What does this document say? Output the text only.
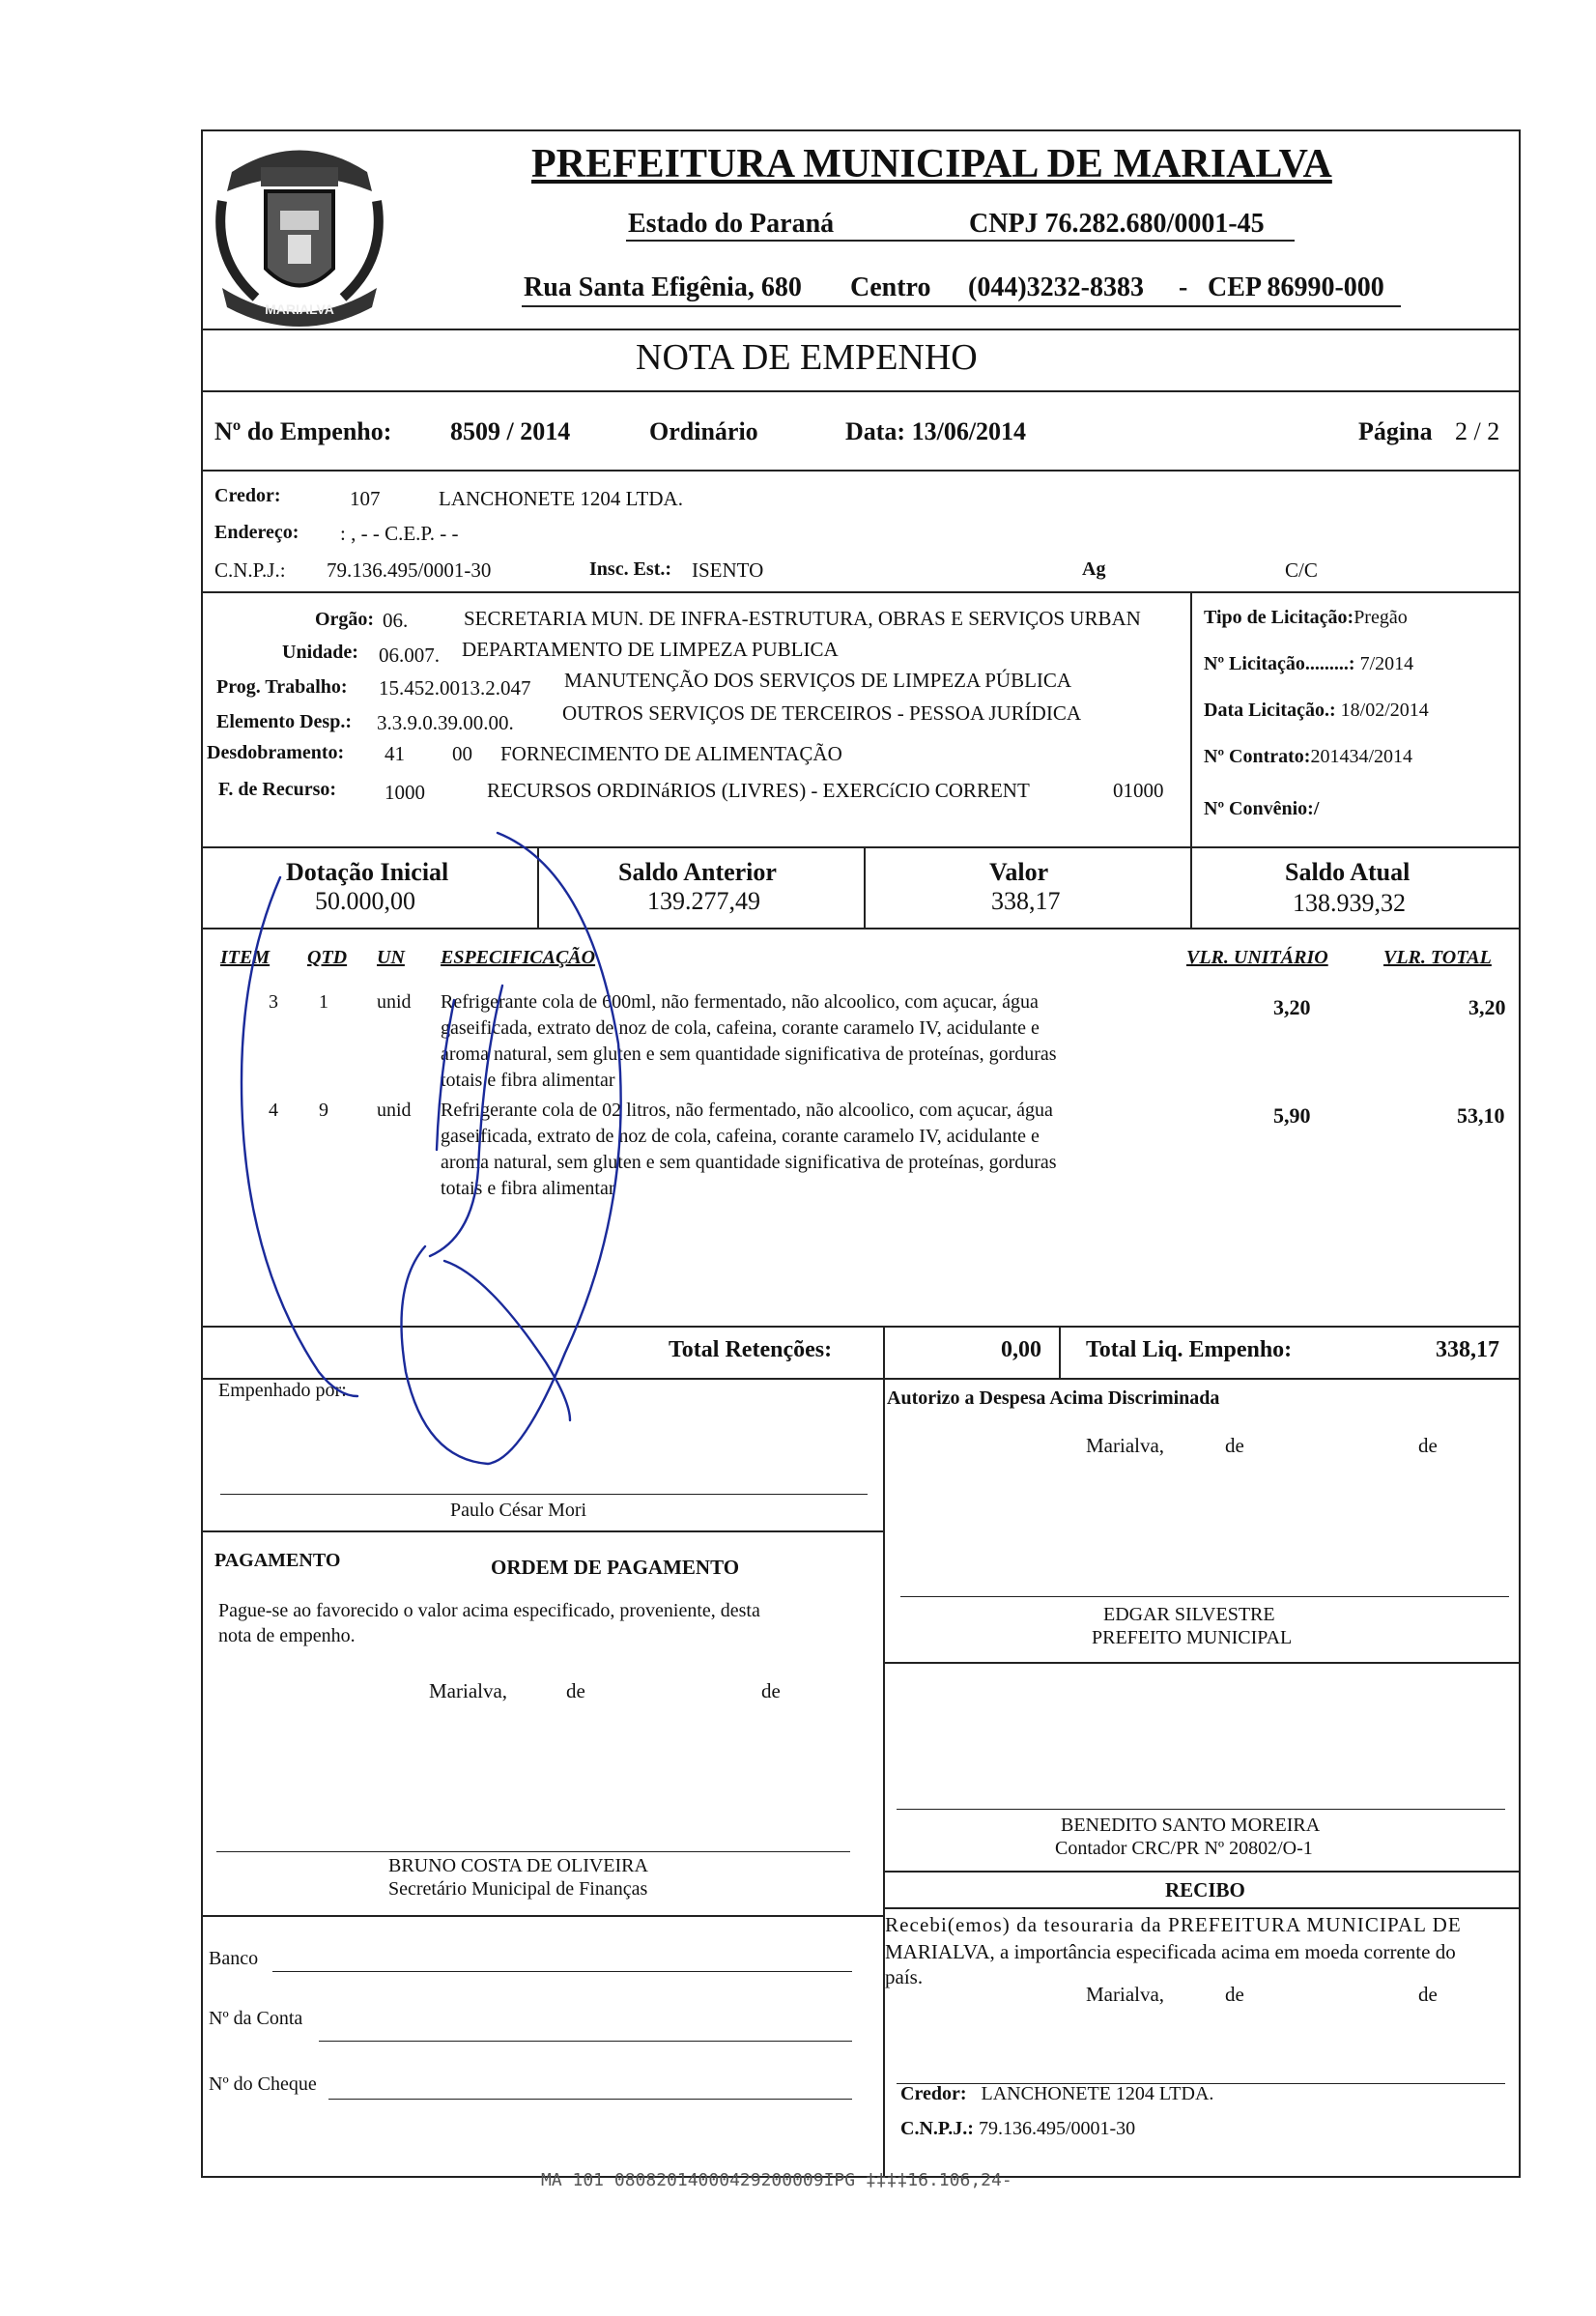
MARIALVA
PREFEITURA MUNICIPAL DE MARIALVA
Estado do Paraná	CNPJ 76.282.680/0001-45
Rua Santa Efigênia, 680 Centro (044)3232-8383 - CEP 86990-000
NOTA DE EMPENHO
Nº do Empenho: 8509 / 2014	Ordinário	Data: 13/06/2014	Página 2 / 2
Credor:	107	LANCHONETE 1204 LTDA.
Endereço: : , - - C.E.P. - -
C.N.P.J.: 79.136.495/0001-30	Insc. Est.: ISENTO	Ag	C/C
Orgão: 06.	SECRETARIA MUN. DE INFRA-ESTRUTURA, OBRAS E SERVIÇOS URBAN
Unidade: 06.007. DEPARTAMENTO DE LIMPEZA PUBLICA
Prog. Trabalho: 15.452.0013.2.047 MANUTENÇÃO DOS SERVIÇOS DE LIMPEZA PÚBLICA
Elemento Desp.: 3.3.9.0.39.00.00. OUTROS SERVIÇOS DE TERCEIROS - PESSOA JURÍDICA
Desdobramento: 41 00 FORNECIMENTO DE ALIMENTAÇÃO
F. de Recurso: 1000	RECURSOS ORDINáRIOS (LIVRES) - EXERCíCIO CORRENT	01000
Tipo de Licitação:Pregão
Nº Licitação.........: 7/2014
Data Licitação.: 18/02/2014
Nº Contrato:201434/2014
Nº Convênio:/
Dotação Inicial
50.000,00
Saldo Anterior
139.277,49
Valor
338,17
Saldo Atual
138.939,32
ITEM QTD UN ESPECIFICAÇÃO	VLR. UNITÁRIO	VLR. TOTAL
3 1	unid Refrigerante cola de 600ml, não fermentado, não alcoolico, com açucar, água
gaseificada, extrato de noz de cola, cafeina, corante caramelo IV, acidulante e
aroma natural, sem gluten e sem quantidade significativa de proteínas, gorduras
totais e fibra alimentar
3,20	3,20
4 9	unid Refrigerante cola de 02 litros, não fermentado, não alcoolico, com açucar, água
gaseificada, extrato de noz de cola, cafeina, corante caramelo IV, acidulante e
aroma natural, sem gluten e sem quantidade significativa de proteínas, gorduras
totais e fibra alimentar
5,90	53,10
Total Retenções:	0,00 Total Liq. Empenho:	338,17
Empenhado por:	Autorizo a Despesa Acima Discriminada
Marialva,	de	de
Paulo César Mori
PAGAMENTO	ORDEM DE PAGAMENTO
Pague-se ao favorecido o valor acima especificado, proveniente, desta
nota de empenho.
Marialva,	de	de
EDGAR SILVESTRE
PREFEITO MUNICIPAL
BENEDITO SANTO MOREIRA
Contador CRC/PR Nº 20802/O-1
BRUNO COSTA DE OLIVEIRA
Secretário Municipal de Finanças
Banco
Nº da Conta
Nº do Cheque
RECIBO
Recebi(emos) da tesouraria da PREFEITURA MUNICIPAL DE
MARIALVA, a importância especificada acima em moeda corrente do
país.
Marialva,	de	de
Credor: LANCHONETE 1204 LTDA.
C.N.P.J.: 79.136.495/0001-30
MA 101 08082014000429200009IPG ‡‡‡‡16.106,24-
